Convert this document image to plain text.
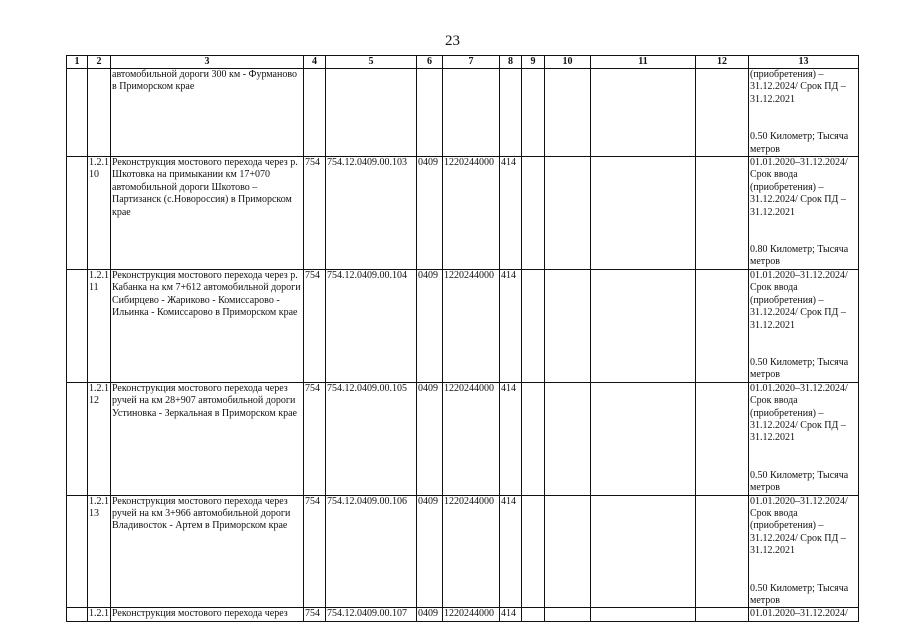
23
1	2	3	4	5	6	7	8	9	10	11	12	13
		автомобильной дороги 300 км - Фурманово в Приморском крае										(приобретения) – 31.12.2024/ Срок ПД – 31.12.2021
0.50 Километр; Тысяча метров
	1.2.1 10	Реконструкция мостового перехода через р. Шкотовка на примыкании км 17+070 автомобильной дороги Шкотово – Партизанск (с.Новороссия) в Приморском крае	754	754.12.0409.00.103	0409	1220244000	414					01.01.2020–31.12.2024/ Срок ввода (приобретения) – 31.12.2024/ Срок ПД – 31.12.2021
0.80 Километр; Тысяча метров
	1.2.1 11	Реконструкция мостового перехода через р. Кабанка на км 7+612 автомобильной дороги Сибирцево - Жариково - Комиссарово - Ильинка - Комиссарово в Приморском крае	754	754.12.0409.00.104	0409	1220244000	414					01.01.2020–31.12.2024/ Срок ввода (приобретения) – 31.12.2024/ Срок ПД – 31.12.2021
0.50 Километр; Тысяча метров
	1.2.1 12	Реконструкция мостового перехода через ручей на км 28+907 автомобильной дороги Устиновка - Зеркальная в Приморском крае	754	754.12.0409.00.105	0409	1220244000	414					01.01.2020–31.12.2024/ Срок ввода (приобретения) – 31.12.2024/ Срок ПД – 31.12.2021
0.50 Километр; Тысяча метров
	1.2.1 13	Реконструкция мостового перехода через ручей на км 3+966 автомобильной дороги Владивосток - Артем в Приморском крае	754	754.12.0409.00.106	0409	1220244000	414					01.01.2020–31.12.2024/ Срок ввода (приобретения) – 31.12.2024/ Срок ПД – 31.12.2021
0.50 Километр; Тысяча метров
	1.2.1	Реконструкция мостового перехода через	754	754.12.0409.00.107	0409	1220244000	414					01.01.2020–31.12.2024/
